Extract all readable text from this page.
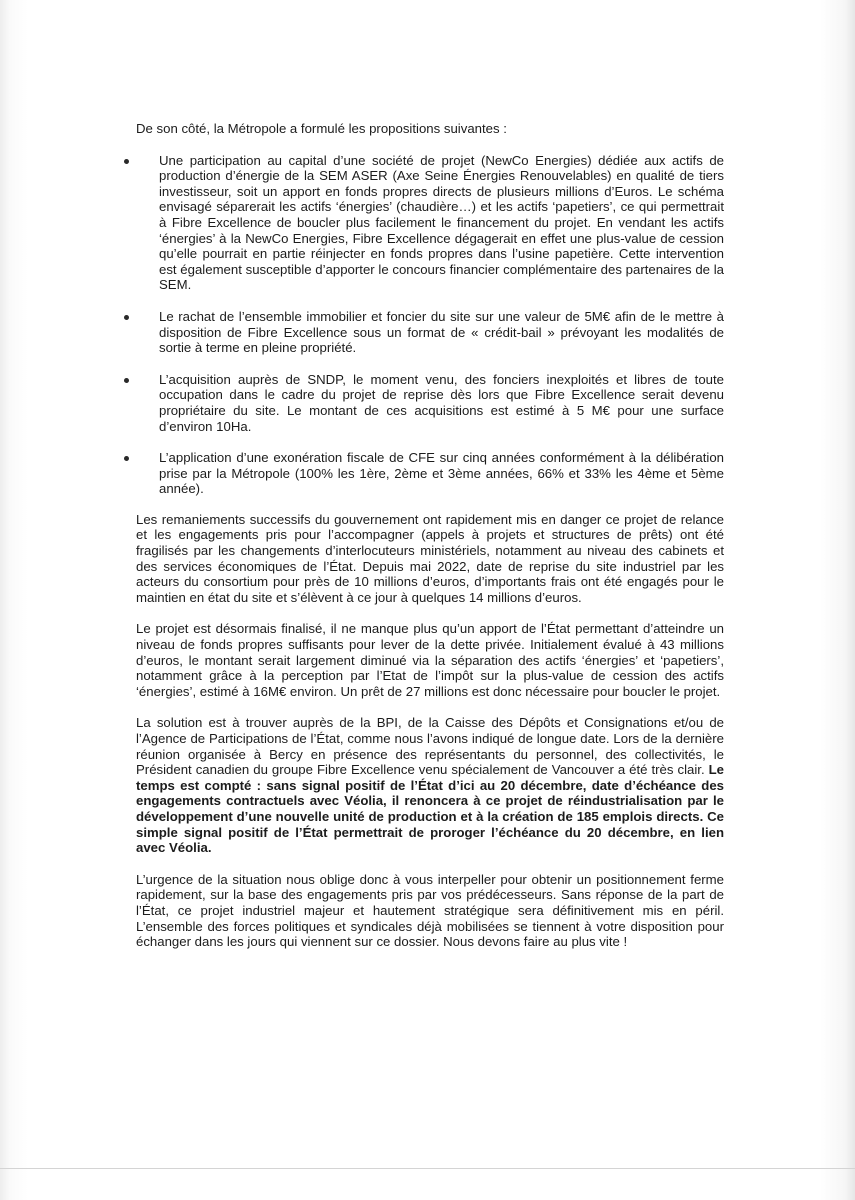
De son côté, la Métropole a formulé les propositions suivantes :

Une participation au capital d’une société de projet (NewCo Energies) dédiée aux actifs de production d’énergie de la SEM ASER (Axe Seine Énergies Renouvelables) en qualité de tiers investisseur, soit un apport en fonds propres directs de plusieurs millions d’Euros. Le schéma envisagé séparerait les actifs ‘énergies’ (chaudière…) et les actifs ‘papetiers’, ce qui permettrait à Fibre Excellence de boucler plus facilement le financement du projet. En vendant les actifs ‘énergies’ à la NewCo Energies, Fibre Excellence dégagerait en effet une plus-value de cession qu’elle pourrait en partie réinjecter en fonds propres dans l’usine papetière. Cette intervention est également susceptible d’apporter le concours financier complémentaire des partenaires de la SEM.
Le rachat de l’ensemble immobilier et foncier du site sur une valeur de 5M€ afin de le mettre à disposition de Fibre Excellence sous un format de « crédit-bail » prévoyant les modalités de sortie à terme en pleine propriété.
L’acquisition auprès de SNDP, le moment venu, des fonciers inexploités et libres de toute occupation dans le cadre du projet de reprise dès lors que Fibre Excellence serait devenu propriétaire du site. Le montant de ces acquisitions est estimé à 5 M€ pour une surface d’environ 10Ha.
L’application d’une exonération fiscale de CFE sur cinq années conformément à la délibération prise par la Métropole (100% les 1ère, 2ème et 3ème années, 66% et 33% les 4ème et 5ème année).

Les remaniements successifs du gouvernement ont rapidement mis en danger ce projet de relance et les engagements pris pour l’accompagner (appels à projets et structures de prêts) ont été fragilisés par les changements d’interlocuteurs ministériels, notamment au niveau des cabinets et des services économiques de l’État. Depuis mai 2022, date de reprise du site industriel par les acteurs du consortium pour près de 10 millions d’euros, d’importants frais ont été engagés pour le maintien en état du site et s’élèvent à ce jour à quelques 14 millions d’euros.

Le projet est désormais finalisé, il ne manque plus qu’un apport de l’État permettant d’atteindre un niveau de fonds propres suffisants pour lever de la dette privée. Initialement évalué à 43 millions d’euros, le montant serait largement diminué via la séparation des actifs ‘énergies’ et ‘papetiers’, notamment grâce à la perception par l’Etat de l’impôt sur la plus-value de cession des actifs ‘énergies’, estimé à 16M€ environ. Un prêt de 27 millions est donc nécessaire pour boucler le projet.

La solution est à trouver auprès de la BPI, de la Caisse des Dépôts et Consignations et/ou de l’Agence de Participations de l’État, comme nous l’avons indiqué de longue date. Lors de la dernière réunion organisée à Bercy en présence des représentants du personnel, des collectivités, le Président canadien du groupe Fibre Excellence venu spécialement de Vancouver a été très clair. Le temps est compté : sans signal positif de l’État d’ici au 20 décembre, date d’échéance des engagements contractuels avec Véolia, il renoncera à ce projet de réindustrialisation par le développement d’une nouvelle unité de production et à la création de 185 emplois directs. Ce simple signal positif de l’État permettrait de proroger l’échéance du 20 décembre, en lien avec Véolia.

L’urgence de la situation nous oblige donc à vous interpeller pour obtenir un positionnement ferme rapidement, sur la base des engagements pris par vos prédécesseurs. Sans réponse de la part de l’État, ce projet industriel majeur et hautement stratégique sera définitivement mis en péril. L’ensemble des forces politiques et syndicales déjà mobilisées se tiennent à votre disposition pour échanger dans les jours qui viennent sur ce dossier. Nous devons faire au plus vite !
